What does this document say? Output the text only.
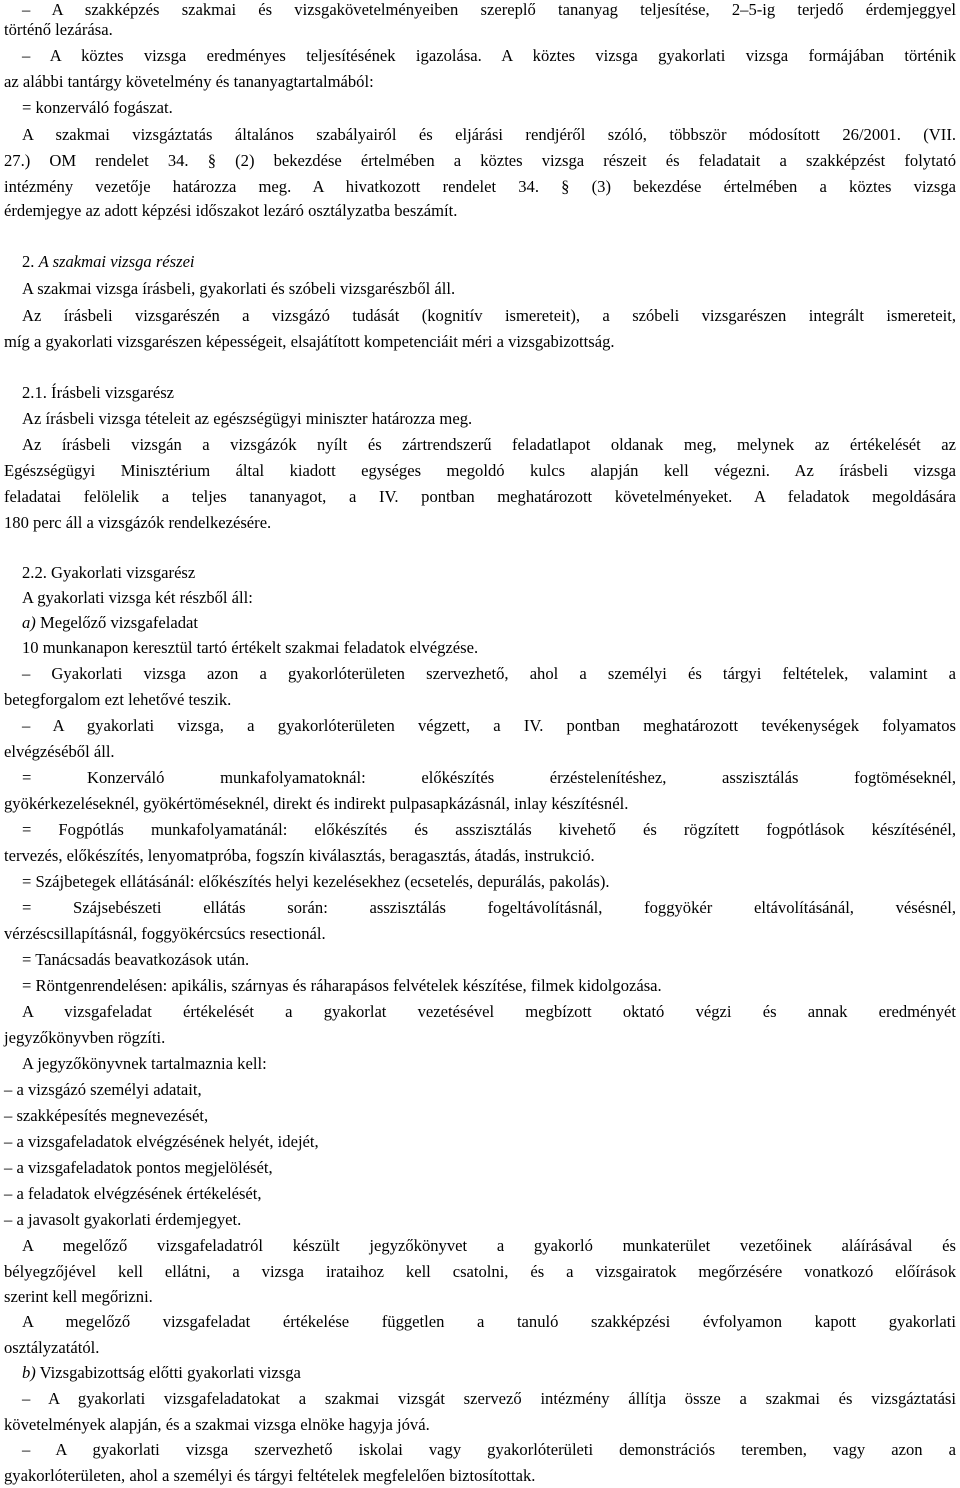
– A szakképzés szakmai és vizsgakövetelményeiben szereplő tananyag teljesítése, 2–5-ig terjedő érdemjeggyel
történő lezárása.
– A köztes vizsga eredményes teljesítésének igazolása. A köztes vizsga gyakorlati vizsga formájában történik
az alábbi tantárgy követelmény és tananyagtartalmából:
= konzerváló fogászat.
A szakmai vizsgáztatás általános szabályairól és eljárási rendjéről szóló, többször módosított 26/2001. (VII.
27.) OM rendelet 34. § (2) bekezdése értelmében a köztes vizsga részeit és feladatait a szakképzést folytató
intézmény vezetője határozza meg. A hivatkozott rendelet 34. § (3) bekezdése értelmében a köztes vizsga
érdemjegye az adott képzési időszakot lezáró osztályzatba beszámít.
2. A szakmai vizsga részei
A szakmai vizsga írásbeli, gyakorlati és szóbeli vizsgarészből áll.
Az írásbeli vizsgarészén a vizsgázó tudását (kognitív ismereteit), a szóbeli vizsgarészen integrált ismereteit,
míg a gyakorlati vizsgarészen képességeit, elsajátított kompetenciáit méri a vizsgabizottság.
2.1. Írásbeli vizsgarész
Az írásbeli vizsga tételeit az egészségügyi miniszter határozza meg.
Az írásbeli vizsgán a vizsgázók nyílt és zártrendszerű feladatlapot oldanak meg, melynek az értékelését az
Egészségügyi Minisztérium által kiadott egységes megoldó kulcs alapján kell végezni. Az írásbeli vizsga
feladatai felölelik a teljes tananyagot, a IV. pontban meghatározott követelményeket. A feladatok megoldására
180 perc áll a vizsgázók rendelkezésére.
2.2. Gyakorlati vizsgarész
A gyakorlati vizsga két részből áll:
a) Megelőző vizsgafeladat
10 munkanapon keresztül tartó értékelt szakmai feladatok elvégzése.
– Gyakorlati vizsga azon a gyakorlóterületen szervezhető, ahol a személyi és tárgyi feltételek, valamint a
betegforgalom ezt lehetővé teszik.
– A gyakorlati vizsga, a gyakorlóterületen végzett, a IV. pontban meghatározott tevékenységek folyamatos
elvégzéséből áll.
= Konzerváló munkafolyamatoknál: előkészítés érzéstelenítéshez, asszisztálás fogtöméseknél,
gyökérkezeléseknél, gyökértöméseknél, direkt és indirekt pulpasapkázásnál, inlay készítésnél.
= Fogpótlás munkafolyamatánál: előkészítés és asszisztálás kivehető és rögzített fogpótlások készítésénél,
tervezés, előkészítés, lenyomatpróba, fogszín kiválasztás, beragasztás, átadás, instrukció.
= Szájbetegek ellátásánál: előkészítés helyi kezelésekhez (ecsetelés, depurálás, pakolás).
= Szájsebészeti ellátás során: asszisztálás fogeltávolításnál, foggyökér eltávolításánál, vésésnél,
vérzéscsillapításnál, foggyökércsúcs resectionál.
= Tanácsadás beavatkozások után.
= Röntgenrendelésen: apikális, szárnyas és ráharapásos felvételek készítése, filmek kidolgozása.
A vizsgafeladat értékelését a gyakorlat vezetésével megbízott oktató végzi és annak eredményét
jegyzőkönyvben rögzíti.
A jegyzőkönyvnek tartalmaznia kell:
– a vizsgázó személyi adatait,
– szakképesítés megnevezését,
– a vizsgafeladatok elvégzésének helyét, idejét,
– a vizsgafeladatok pontos megjelölését,
– a feladatok elvégzésének értékelését,
– a javasolt gyakorlati érdemjegyet.
A megelőző vizsgafeladatról készült jegyzőkönyvet a gyakorló munkaterület vezetőinek aláírásával és
bélyegzőjével kell ellátni, a vizsga irataihoz kell csatolni, és a vizsgairatok megőrzésére vonatkozó előírások
szerint kell megőrizni.
A megelőző vizsgafeladat értékelése független a tanuló szakképzési évfolyamon kapott gyakorlati
osztályzatától.
b) Vizsgabizottság előtti gyakorlati vizsga
– A gyakorlati vizsgafeladatokat a szakmai vizsgát szervező intézmény állítja össze a szakmai és vizsgáztatási
követelmények alapján, és a szakmai vizsga elnöke hagyja jóvá.
– A gyakorlati vizsga szervezhető iskolai vagy gyakorlóterületi demonstrációs teremben, vagy azon a
gyakorlóterületen, ahol a személyi és tárgyi feltételek megfelelően biztosítottak.
